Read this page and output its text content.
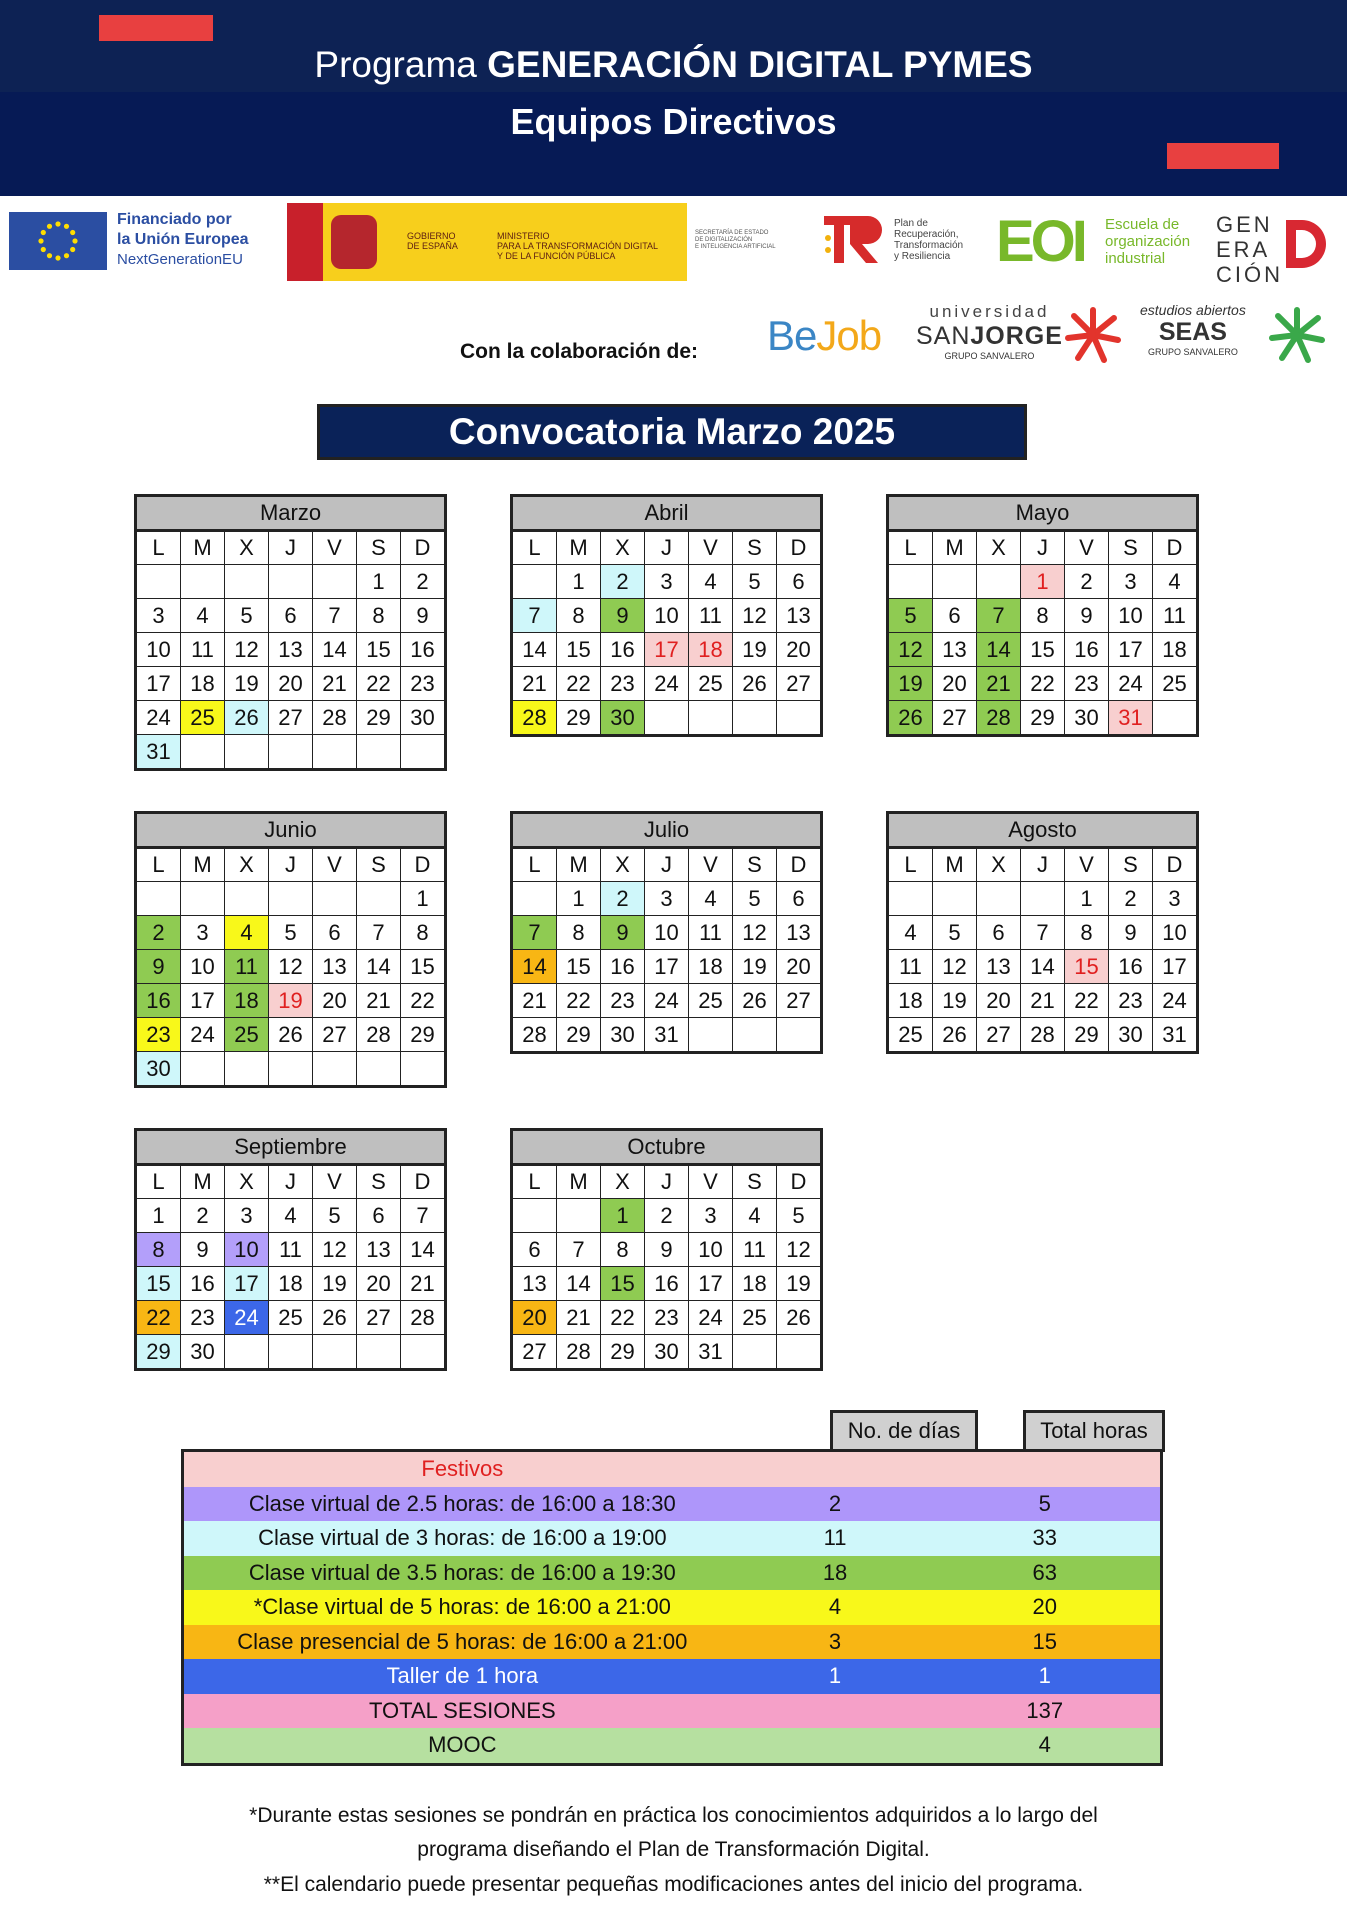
Programa GENERACIÓN DIGITAL PYMES
Equipos Directivos
Financiado por
la Unión Europea
NextGenerationEU
GOBIERNO
DE ESPAÑA
MINISTERIO
PARA LA TRANSFORMACIÓN DIGITAL
Y DE LA FUNCIÓN PÚBLICA
SECRETARÍA DE ESTADO
DE DIGITALIZACIÓN
E INTELIGENCIA ARTIFICIAL
Plan de
Recuperación,
Transformación
y Resiliencia EOI Escuela de
organización
industrial
GEN
ERA
CIÓN
Con la colaboración de: BeJob
universidad
SANJORGE
GRUPO SANVALERO
estudios abiertos
SEAS
GRUPO SANVALERO
Convocatoria Marzo 2025
Marzo						
L	M	X	J	V	S	D
					1	2
3	4	5	6	7	8	9
10	11	12	13	14	15	16
17	18	19	20	21	22	23
24	25	26	27	28	29	30
31						
Abril						
L	M	X	J	V	S	D
	1	2	3	4	5	6
7	8	9	10	11	12	13
14	15	16	17	18	19	20
21	22	23	24	25	26	27
28	29	30				
Mayo						
L	M	X	J	V	S	D
			1	2	3	4
5	6	7	8	9	10	11
12	13	14	15	16	17	18
19	20	21	22	23	24	25
26	27	28	29	30	31	
Junio						
L	M	X	J	V	S	D
						1
2	3	4	5	6	7	8
9	10	11	12	13	14	15
16	17	18	19	20	21	22
23	24	25	26	27	28	29
30						
Julio						
L	M	X	J	V	S	D
	1	2	3	4	5	6
7	8	9	10	11	12	13
14	15	16	17	18	19	20
21	22	23	24	25	26	27
28	29	30	31			
Agosto						
L	M	X	J	V	S	D
				1	2	3
4	5	6	7	8	9	10
11	12	13	14	15	16	17
18	19	20	21	22	23	24
25	26	27	28	29	30	31
Septiembre						
L	M	X	J	V	S	D
1	2	3	4	5	6	7
8	9	10	11	12	13	14
15	16	17	18	19	20	21
22	23	24	25	26	27	28
29	30					
Octubre						
L	M	X	J	V	S	D
		1	2	3	4	5
6	7	8	9	10	11	12
13	14	15	16	17	18	19
20	21	22	23	24	25	26
27	28	29	30	31		
No. de días	Total horas
Festivos		
Clase virtual de 2.5 horas: de 16:00 a 18:30	2	5
Clase virtual de 3 horas: de 16:00 a 19:00	11	33
Clase virtual de 3.5 horas: de 16:00 a 19:30	18	63
*Clase virtual de 5 horas: de 16:00 a 21:00	4	20
Clase presencial de 5 horas: de 16:00 a 21:00	3	15
Taller de 1 hora	1	1
TOTAL SESIONES		137
MOOC		4
*Durante estas sesiones se pondrán en práctica los conocimientos adquiridos a lo largo del
programa diseñando el Plan de Transformación Digital.
**El calendario puede presentar pequeñas modificaciones antes del inicio del programa.
